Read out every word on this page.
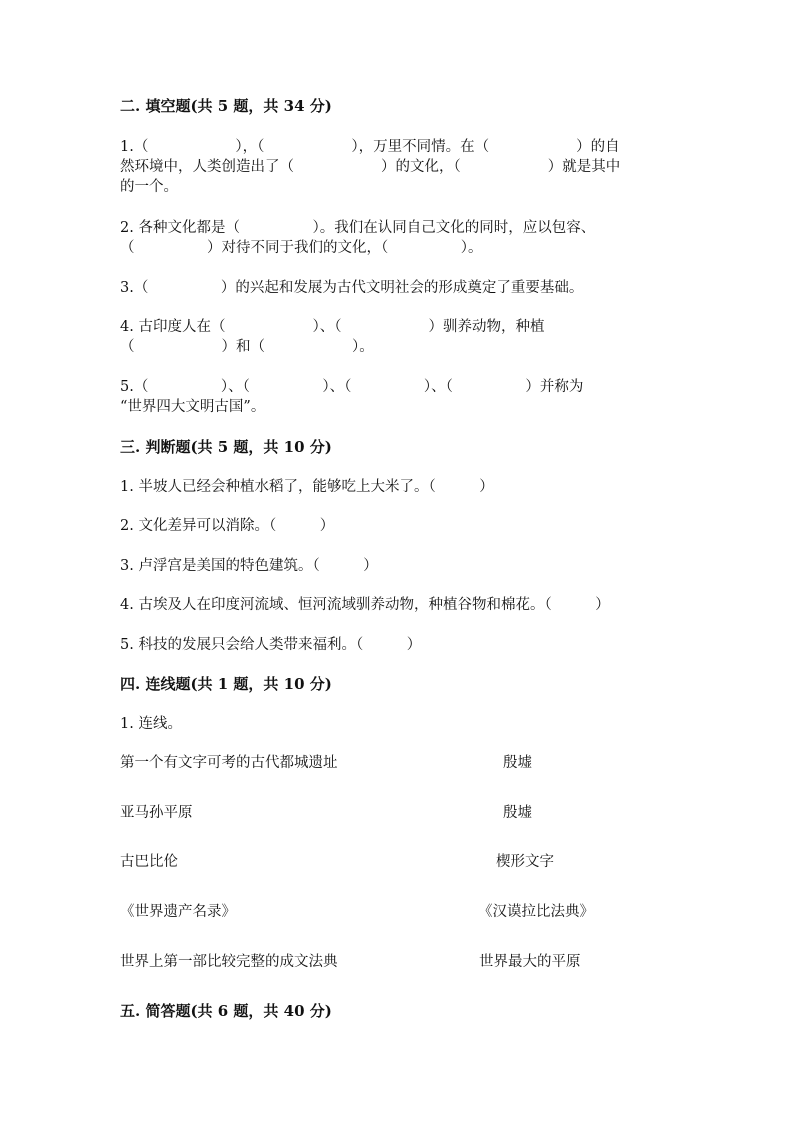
二. 填空题(共 5 题，共 34 分)
1.（　　　　　　），（　　　　　　），万里不同情。在（　　　　　　）的自
然环境中，人类创造出了（　　　　　　）的文化，（　　　　　　）就是其中
的一个。
2. 各种文化都是（　　　　　）。我们在认同自己文化的同时，应以包容、
（　　　　　）对待不同于我们的文化，（　　　　　）。
3.（　　　　　）的兴起和发展为古代文明社会的形成奠定了重要基础。
4. 古印度人在（　　　　　　）、（　　　　　　）驯养动物，种植
（　　　　　　）和（　　　　　　）。
5.（　　　　　）、（　　　　　）、（　　　　　）、（　　　　　）并称为
“世界四大文明古国”。
三. 判断题(共 5 题，共 10 分)
1. 半坡人已经会种植水稻了，能够吃上大米了。（　　　）
2. 文化差异可以消除。（　　　）
3. 卢浮宫是美国的特色建筑。（　　　）
4. 古埃及人在印度河流域、恒河流域驯养动物，种植谷物和棉花。（　　　）
5. 科技的发展只会给人类带来福利。（　　　）
四. 连线题(共 1 题，共 10 分)
1. 连线。
第一个有文字可考的古代都城遗址	殷墟
亚马孙平原	殷墟
古巴比伦	楔形文字
《世界遗产名录》	《汉谟拉比法典》
世界上第一部比较完整的成文法典	世界最大的平原
五. 简答题(共 6 题，共 40 分)
